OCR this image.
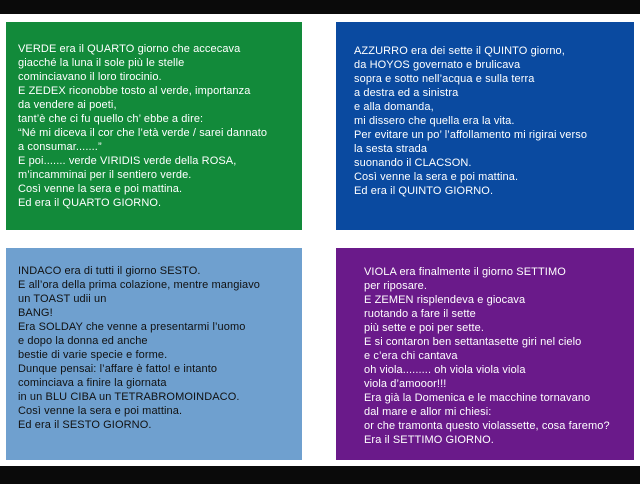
VERDE era il QUARTO giorno che accecava
giacché la luna il sole più le stelle
cominciavano il loro tirocinio.
E ZEDEX riconobbe tosto al verde, importanza
da vendere ai poeti,
tant’è che ci fu quello ch’ ebbe a dire:
“Né mi diceva il cor che l’età verde / sarei dannato
a consumar.......”
E poi....... verde VIRIDIS verde della ROSA,
m’incamminai per il sentiero verde.
Così venne la sera e poi mattina.
Ed era il QUARTO GIORNO.
AZZURRO era dei sette il QUINTO giorno,
da HOYOS governato e brulicava
sopra e sotto nell’acqua e sulla terra
a destra ed a sinistra
e alla domanda,
mi dissero che quella era la vita.
Per evitare un po’ l’affollamento mi rigirai verso
la sesta strada
suonando il CLACSON.
Così venne la sera e poi mattina.
Ed era il QUINTO GIORNO.
INDACO era di tutti il giorno SESTO.
E all’ora della prima colazione, mentre mangiavo
un TOAST udii un
BANG!
Era SOLDAY che venne a presentarmi l’uomo
e dopo la donna ed anche
bestie di varie specie e forme.
Dunque pensai: l’affare è fatto! e intanto
cominciava a finire la giornata
in un BLU CIBA un TETRABROMOINDACO.
Così venne la sera e poi mattina.
Ed era il SESTO GIORNO.
VIOLA era finalmente il giorno SETTIMO
per riposare.
E ZEMEN risplendeva e giocava
ruotando a fare il sette
più sette e poi per sette.
E si contaron ben settantasette giri nel cielo
e c’era chi cantava
oh viola......... oh viola viola viola
viola d’amooor!!!
Era già la Domenica e le macchine tornavano
dal mare e allor mi chiesi:
or che tramonta questo violassette, cosa faremo?
Era il SETTIMO GIORNO.
